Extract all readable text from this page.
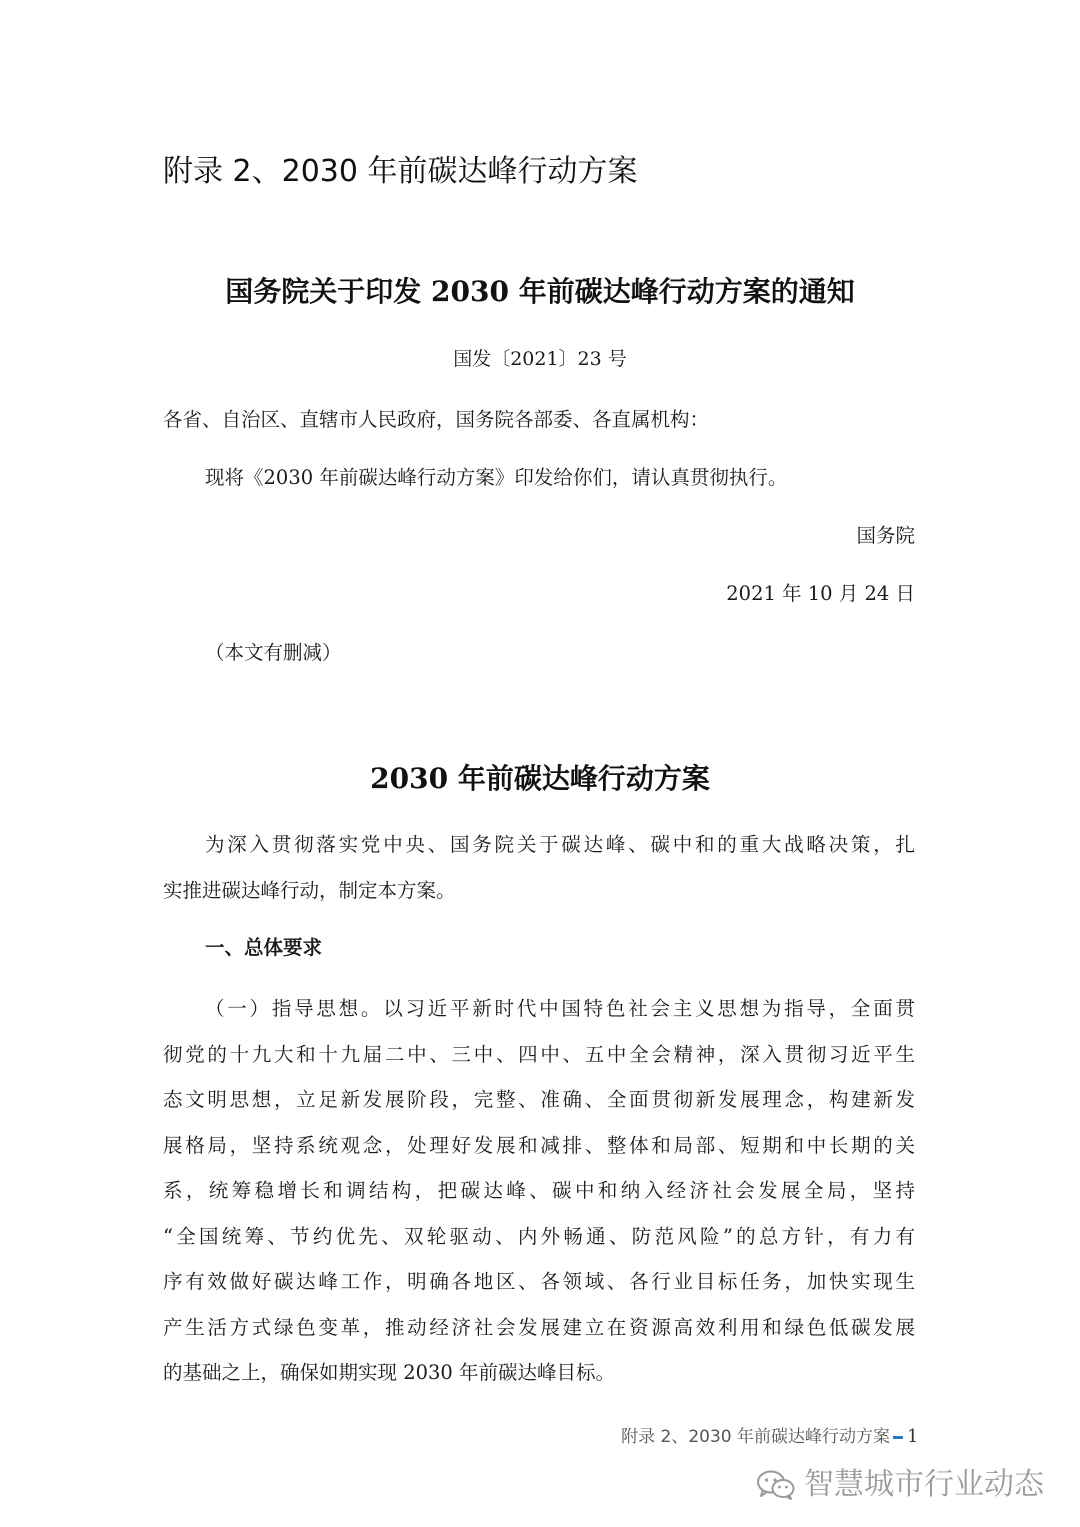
附录 2、2030 年前碳达峰行动方案
国务院关于印发 2030 年前碳达峰行动方案的通知
国发〔2021〕23 号
各省、自治区、直辖市人民政府，国务院各部委、各直属机构：
现将《2030 年前碳达峰行动方案》印发给你们，请认真贯彻执行。
国务院
2021 年 10 月 24 日
（本文有删减）
2030 年前碳达峰行动方案
为深入贯彻落实党中央、国务院关于碳达峰、碳中和的重大战略决策，扎
实推进碳达峰行动，制定本方案。
一、总体要求
（一）指导思想。以习近平新时代中国特色社会主义思想为指导，全面贯
彻党的十九大和十九届二中、三中、四中、五中全会精神，深入贯彻习近平生
态文明思想，立足新发展阶段，完整、准确、全面贯彻新发展理念，构建新发
展格局，坚持系统观念，处理好发展和减排、整体和局部、短期和中长期的关
系，统筹稳增长和调结构，把碳达峰、碳中和纳入经济社会发展全局，坚持
“全国统筹、节约优先、双轮驱动、内外畅通、防范风险”的总方针，有力有
序有效做好碳达峰工作，明确各地区、各领域、各行业目标任务，加快实现生
产生活方式绿色变革，推动经济社会发展建立在资源高效利用和绿色低碳发展
的基础之上，确保如期实现 2030 年前碳达峰目标。
附录 2、2030 年前碳达峰行动方案 1
智慧城市行业动态
